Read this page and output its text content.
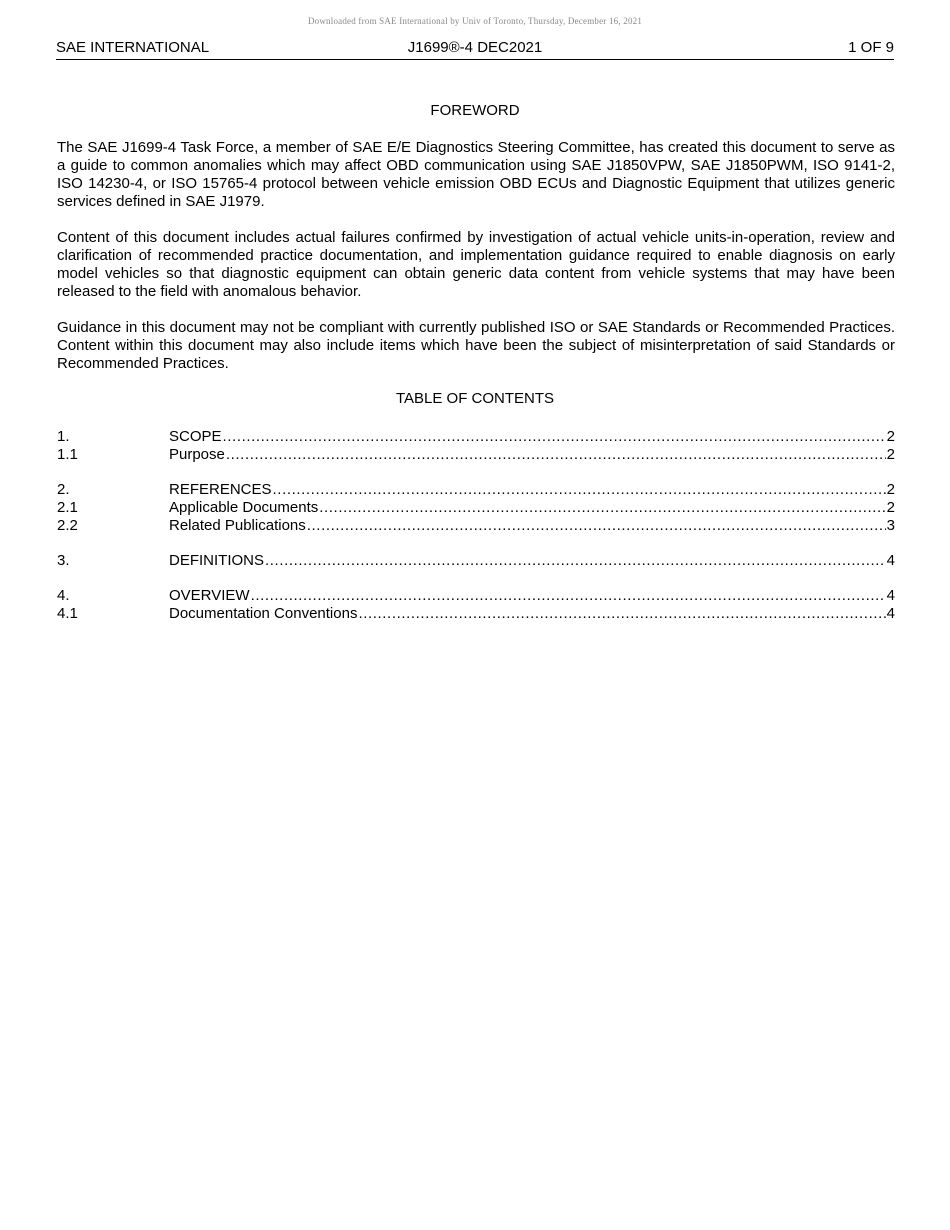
Downloaded from SAE International by Univ of Toronto, Thursday, December 16, 2021
SAE INTERNATIONAL	J1699®-4 DEC2021	1 OF 9
FOREWORD

The SAE J1699-4 Task Force, a member of SAE E/E Diagnostics Steering Committee, has created this document to serve as a guide to common anomalies which may affect OBD communication using SAE J1850VPW, SAE J1850PWM, ISO 9141-2, ISO 14230-4, or ISO 15765-4 protocol between vehicle emission OBD ECUs and Diagnostic Equipment that utilizes generic services defined in SAE J1979.

Content of this document includes actual failures confirmed by investigation of actual vehicle units-in-operation, review and clarification of recommended practice documentation, and implementation guidance required to enable diagnosis on early model vehicles so that diagnostic equipment can obtain generic data content from vehicle systems that may have been released to the field with anomalous behavior.

Guidance in this document may not be compliant with currently published ISO or SAE Standards or Recommended Practices. Content within this document may also include items which have been the subject of misinterpretation of said Standards or Recommended Practices.

TABLE OF CONTENTS
1.	SCOPE .....	2
1.1	Purpose .....	2
2.	REFERENCES .....	2
2.1	Applicable Documents .....	2
2.2	Related Publications .....	3
3.	DEFINITIONS .....	4
4.	OVERVIEW .....	4
4.1	Documentation Conventions .....	4
